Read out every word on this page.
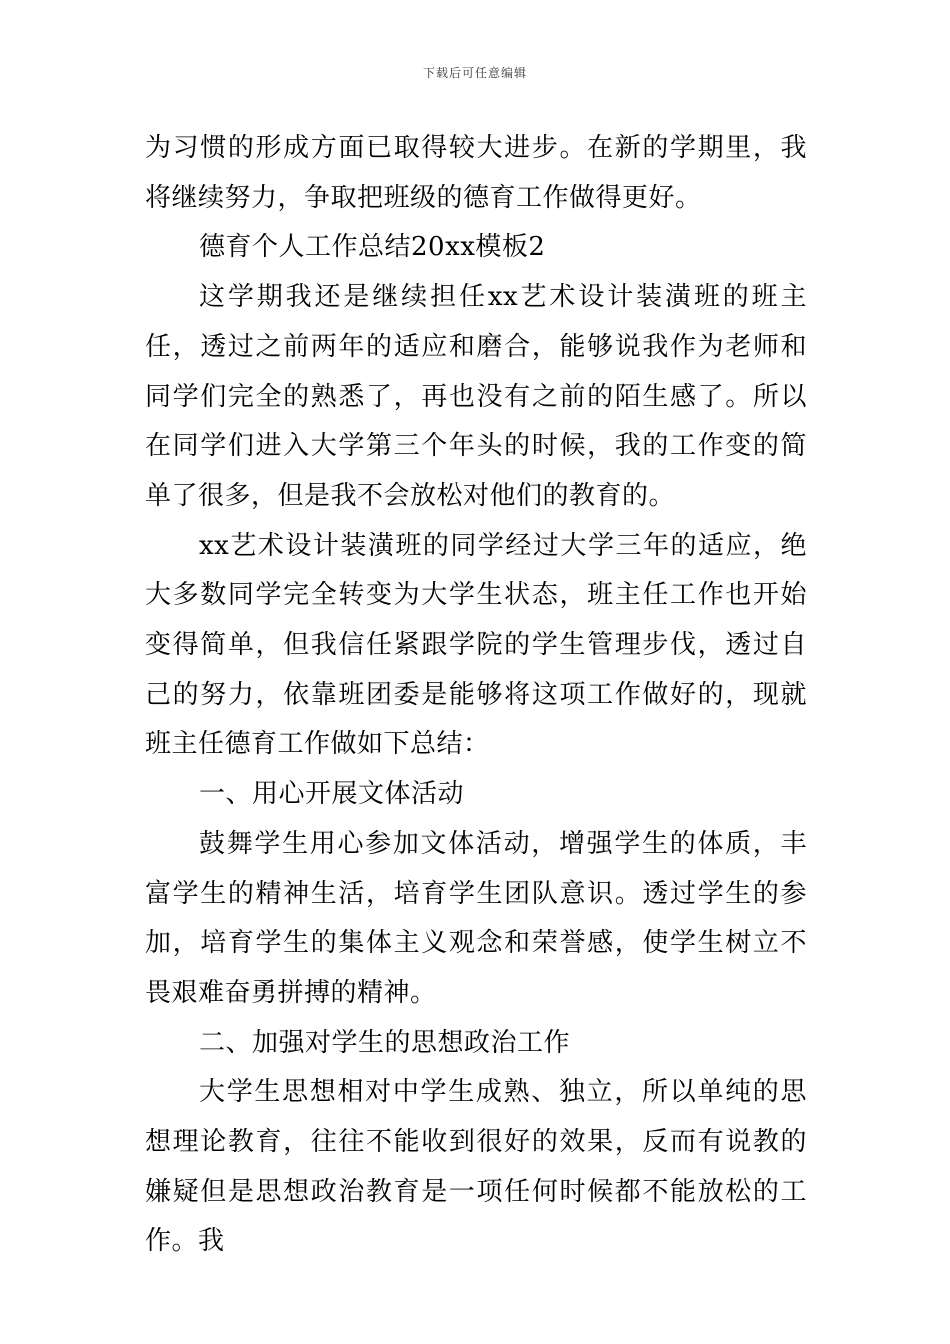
下载后可任意编辑

为习惯的形成方面已取得较大进步。在新的学期里，我将继续努力，争取把班级的德育工作做得更好。

德育个人工作总结20xx模板2

这学期我还是继续担任xx艺术设计装潢班的班主任，透过之前两年的适应和磨合，能够说我作为老师和同学们完全的熟悉了，再也没有之前的陌生感了。所以在同学们进入大学第三个年头的时候，我的工作变的简单了很多，但是我不会放松对他们的教育的。

xx艺术设计装潢班的同学经过大学三年的适应，绝大多数同学完全转变为大学生状态，班主任工作也开始变得简单，但我信任紧跟学院的学生管理步伐，透过自己的努力，依靠班团委是能够将这项工作做好的，现就班主任德育工作做如下总结：

一、用心开展文体活动

鼓舞学生用心参加文体活动，增强学生的体质，丰富学生的精神生活，培育学生团队意识。透过学生的参加，培育学生的集体主义观念和荣誉感，使学生树立不畏艰难奋勇拼搏的精神。

二、加强对学生的思想政治工作

大学生思想相对中学生成熟、独立，所以单纯的思想理论教育，往往不能收到很好的效果，反而有说教的嫌疑但是思想政治教育是一项任何时候都不能放松的工作。我
